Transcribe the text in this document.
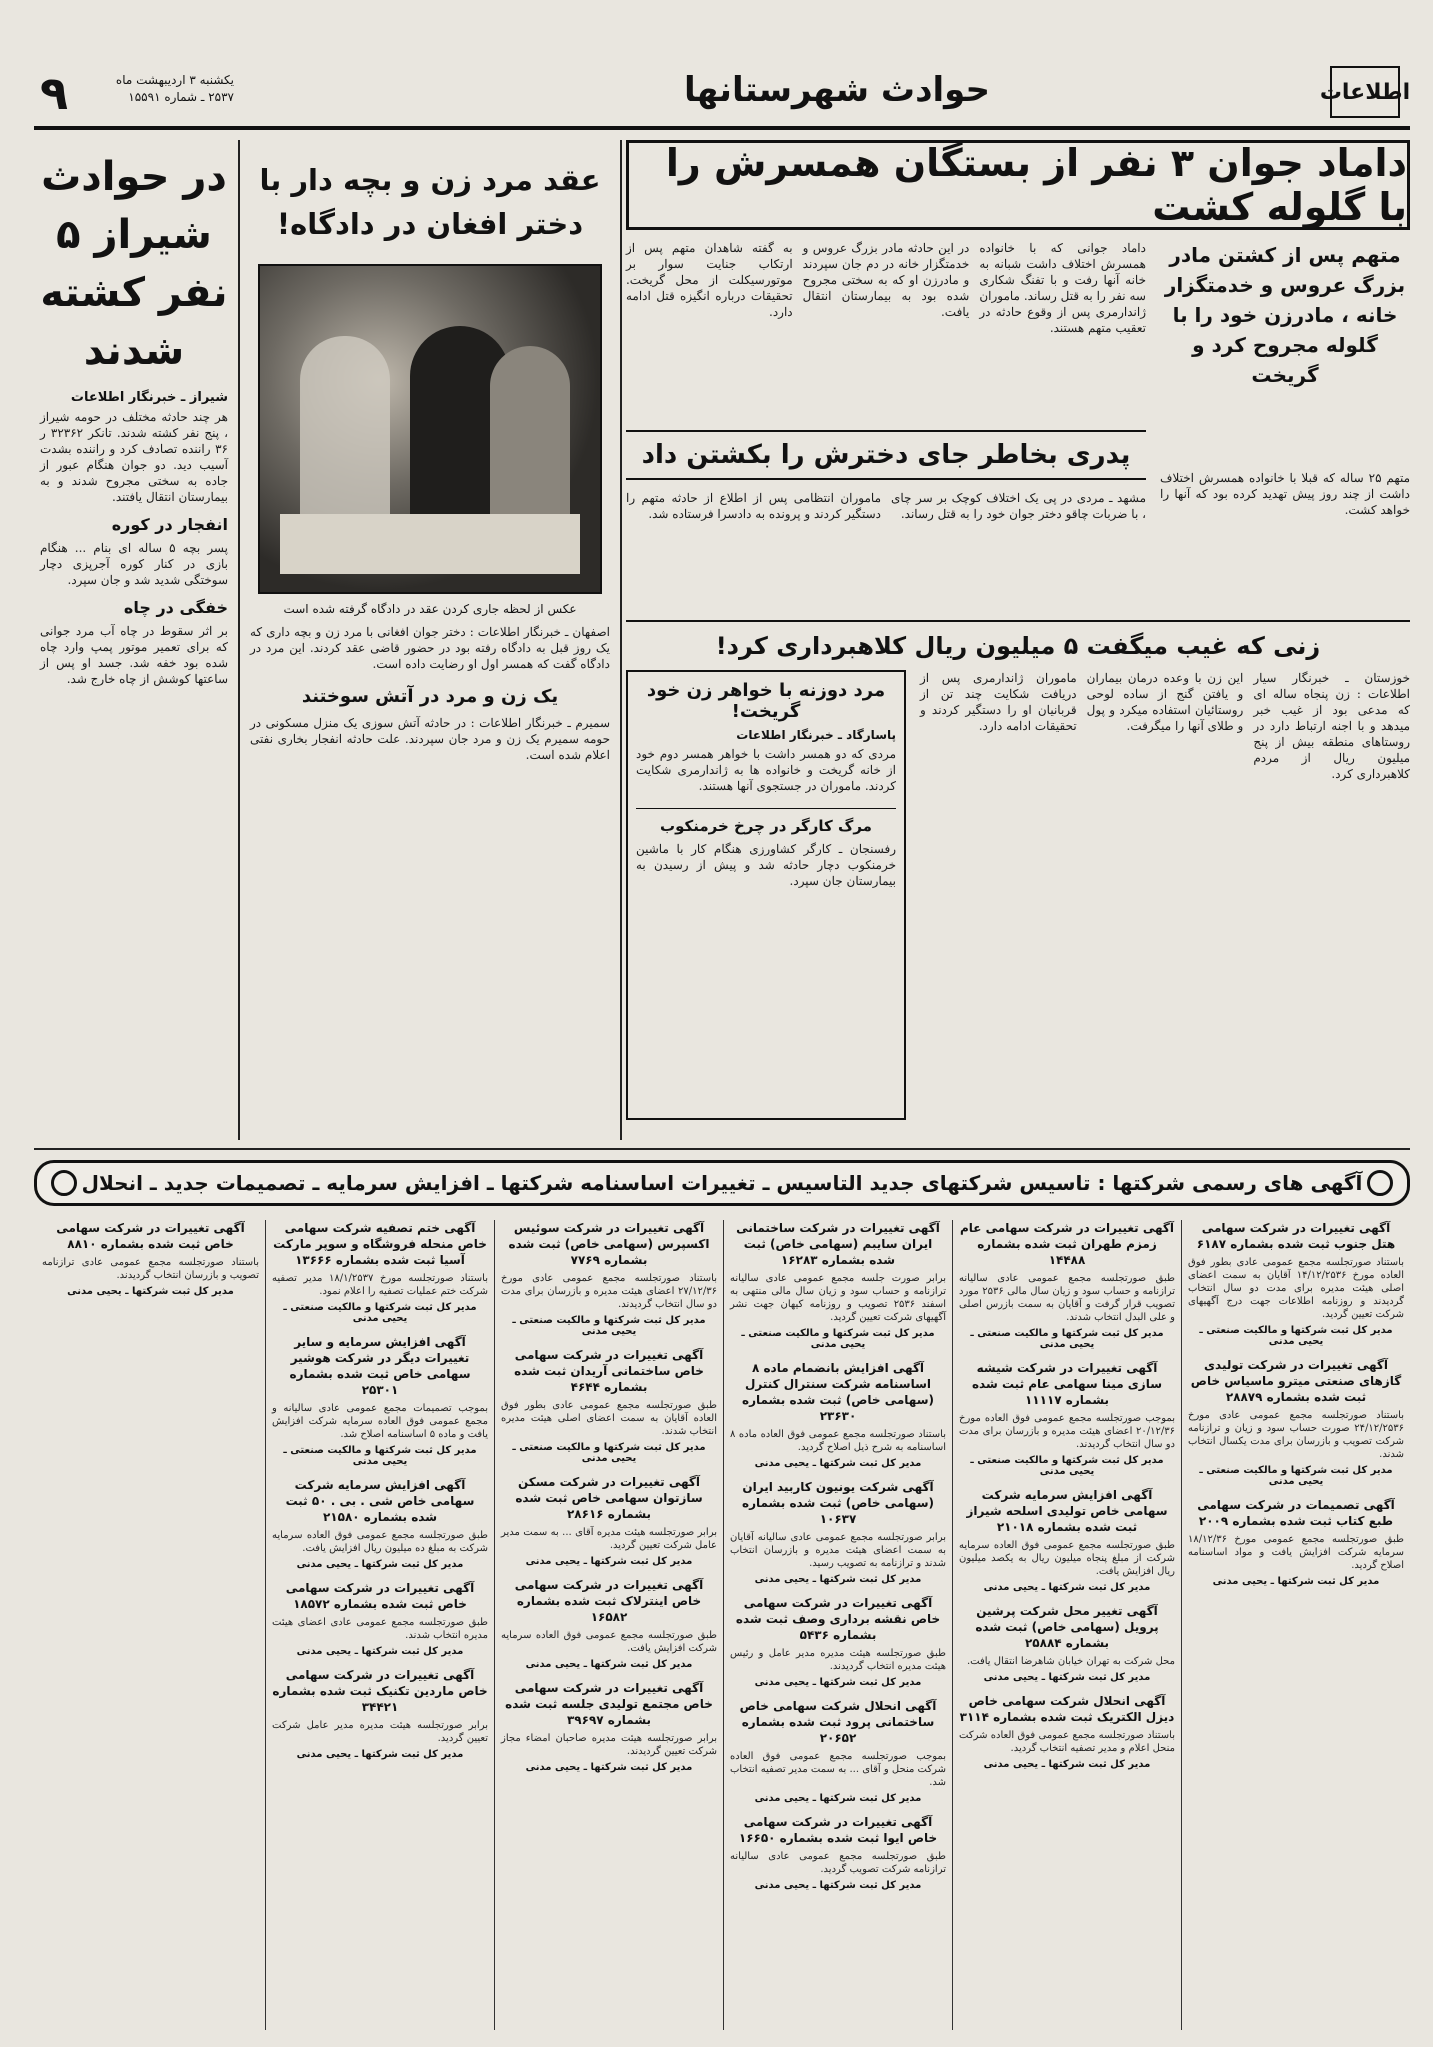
اطلاعات
حوادث شهرستانها
یکشنبه ۳ اردیبهشت ماه
۲۵۳۷ ـ شماره ۱۵۵۹۱
۹
در حوادث شیراز ۵ نفر کشته شدند
شیراز ـ خبرنگار اطلاعات
هر چند حادثه مختلف در حومه شیراز ، پنج نفر کشته شدند. تانکر ۳۲۳۶۲ ر ۳۶ راننده تصادف کرد و راننده بشدت آسیب دید. دو جوان هنگام عبور از جاده به سختی مجروح شدند و به بیمارستان انتقال یافتند.
انفجار در کوره
پسر بچه ۵ ساله ای بنام ... هنگام بازی در کنار کوره آجرپزی دچار سوختگی شدید شد و جان سپرد.
خفگی در چاه
بر اثر سقوط در چاه آب مرد جوانی که برای تعمیر موتور پمپ وارد چاه شده بود خفه شد. جسد او پس از ساعتها کوشش از چاه خارج شد.
عقد مرد زن و بچه دار با دختر افغان در دادگاه!
عکس از لحظه جاری کردن عقد در دادگاه گرفته شده است
اصفهان ـ خبرنگار اطلاعات : دختر جوان افغانی با مرد زن و بچه داری که یک روز قبل به دادگاه رفته بود در حضور قاضی عقد کردند. این مرد در دادگاه گفت که همسر اول او رضایت داده است.
یک زن و مرد در آتش سوختند
سمیرم ـ خبرنگار اطلاعات : در حادثه آتش سوزی یک منزل مسکونی در حومه سمیرم یک زن و مرد جان سپردند. علت حادثه انفجار بخاری نفتی اعلام شده است.
داماد جوان ۳ نفر از بستگان همسرش را با گلوله کشت
متهم پس از کشتن مادر بزرگ عروس و خدمتگزار خانه ، مادرزن خود را با گلوله مجروح کرد و گریخت
داماد جوانی که با خانواده همسرش اختلاف داشت شبانه به خانه آنها رفت و با تفنگ شکاری سه نفر را به قتل رساند. ماموران ژاندارمری پس از وقوع حادثه در تعقیب متهم هستند.
در این حادثه مادر بزرگ عروس و خدمتگزار خانه در دم جان سپردند و مادرزن او که به سختی مجروح شده بود به بیمارستان انتقال یافت.
به گفته شاهدان متهم پس از ارتکاب جنایت سوار بر موتورسیکلت از محل گریخت. تحقیقات درباره انگیزه قتل ادامه دارد.
پدری بخاطر جای دخترش را بکشتن داد
متهم ۲۵ ساله که قبلا با خانواده همسرش اختلاف داشت از چند روز پیش تهدید کرده بود که آنها را خواهد کشت.
مشهد ـ مردی در پی یک اختلاف کوچک بر سر چای ، با ضربات چاقو دختر جوان خود را به قتل رساند.
ماموران انتظامی پس از اطلاع از حادثه متهم را دستگیر کردند و پرونده به دادسرا فرستاده شد.
زنی که غیب میگفت ۵ میلیون ریال کلاهبرداری کرد!
خوزستان ـ خبرنگار سیار اطلاعات : زن پنجاه ساله ای که مدعی بود از غیب خبر میدهد و با اجنه ارتباط دارد در روستاهای منطقه بیش از پنج میلیون ریال از مردم کلاهبرداری کرد.
این زن با وعده درمان بیماران و یافتن گنج از ساده لوحی روستائیان استفاده میکرد و پول و طلای آنها را میگرفت.
ماموران ژاندارمری پس از دریافت شکایت چند تن از قربانیان او را دستگیر کردند و تحقیقات ادامه دارد.
مرد دوزنه با خواهر زن خود گریخت!
پاسارگاد ـ خبرنگار اطلاعات
مردی که دو همسر داشت با خواهر همسر دوم خود از خانه گریخت و خانواده ها به ژاندارمری شکایت کردند. ماموران در جستجوی آنها هستند.
مرگ کارگر در چرخ خرمنکوب
رفسنجان ـ کارگر کشاورزی هنگام کار با ماشین خرمنکوب دچار حادثه شد و پیش از رسیدن به بیمارستان جان سپرد.
آگهی های رسمی شرکتها : تاسیس شرکتهای جدید التاسیس ـ تغییرات اساسنامه شرکتها ـ افزایش سرمایه ـ تصمیمات جدید ـ انحلال
آگهی تغییرات در شرکت سهامی هتل جنوب ثبت شده بشماره ۶۱۸۷
باستناد صورتجلسه مجمع عمومی عادی بطور فوق العاده مورخ ۱۴/۱۲/۲۵۳۶ آقایان به سمت اعضای اصلی هیئت مدیره برای مدت دو سال انتخاب گردیدند و روزنامه اطلاعات جهت درج آگهیهای شرکت تعیین گردید.
مدیر کل ثبت شرکتها و مالکیت صنعتی ـ یحیی مدنی
آگهی تغییرات در شرکت تولیدی گازهای صنعتی میترو ماسیاس خاص ثبت شده بشماره ۲۸۸۷۹
باستناد صورتجلسه مجمع عمومی عادی مورخ ۲۴/۱۲/۲۵۳۶ صورت حساب سود و زیان و ترازنامه شرکت تصویب و بازرسان برای مدت یکسال انتخاب شدند.
مدیر کل ثبت شرکتها و مالکیت صنعتی ـ یحیی مدنی
آگهی تصمیمات در شرکت سهامی طبع کتاب ثبت شده بشماره ۲۰۰۹
طبق صورتجلسه مجمع عمومی مورخ ۱۸/۱۲/۳۶ سرمایه شرکت افزایش یافت و مواد اساسنامه اصلاح گردید.
مدیر کل ثبت شرکتها ـ یحیی مدنی
آگهی تغییرات در شرکت سهامی عام زمزم طهران ثبت شده بشماره ۱۴۴۸۸
طبق صورتجلسه مجمع عمومی عادی سالیانه ترازنامه و حساب سود و زیان سال مالی ۲۵۳۶ مورد تصویب قرار گرفت و آقایان به سمت بازرس اصلی و علی البدل انتخاب شدند.
مدیر کل ثبت شرکتها و مالکیت صنعتی ـ یحیی مدنی
آگهی تغییرات در شرکت شیشه سازی مینا سهامی عام ثبت شده بشماره ۱۱۱۱۷
بموجب صورتجلسه مجمع عمومی فوق العاده مورخ ۲۰/۱۲/۳۶ اعضای هیئت مدیره و بازرسان برای مدت دو سال انتخاب گردیدند.
مدیر کل ثبت شرکتها و مالکیت صنعتی ـ یحیی مدنی
آگهی افزایش سرمایه شرکت سهامی خاص تولیدی اسلحه شیراز ثبت شده بشماره ۲۱۰۱۸
طبق صورتجلسه مجمع عمومی فوق العاده سرمایه شرکت از مبلغ پنجاه میلیون ریال به یکصد میلیون ریال افزایش یافت.
مدیر کل ثبت شرکتها ـ یحیی مدنی
آگهی تغییر محل شرکت پرشین پرویل (سهامی خاص) ثبت شده بشماره ۲۵۸۸۴
محل شرکت به تهران خیابان شاهرضا انتقال یافت.
مدیر کل ثبت شرکتها ـ یحیی مدنی
آگهی انحلال شرکت سهامی خاص دیزل الکتریک ثبت شده بشماره ۳۱۱۴
باستناد صورتجلسه مجمع عمومی فوق العاده شرکت منحل اعلام و مدیر تصفیه انتخاب گردید.
مدیر کل ثبت شرکتها ـ یحیی مدنی
آگهی تغییرات در شرکت ساختمانی ایران سایبم (سهامی خاص) ثبت شده بشماره ۱۶۲۸۳
برابر صورت جلسه مجمع عمومی عادی سالیانه ترازنامه و حساب سود و زیان سال مالی منتهی به اسفند ۲۵۳۶ تصویب و روزنامه کیهان جهت نشر آگهیهای شرکت تعیین گردید.
مدیر کل ثبت شرکتها و مالکیت صنعتی ـ یحیی مدنی
آگهی افزایش بانضمام ماده ۸ اساسنامه شرکت سنترال کنترل (سهامی خاص) ثبت شده بشماره ۲۳۶۳۰
باستناد صورتجلسه مجمع عمومی فوق العاده ماده ۸ اساسنامه به شرح ذیل اصلاح گردید.
مدیر کل ثبت شرکتها ـ یحیی مدنی
آگهی شرکت یونیون کاربید ایران (سهامی خاص) ثبت شده بشماره ۱۰۶۳۷
برابر صورتجلسه مجمع عمومی عادی سالیانه آقایان به سمت اعضای هیئت مدیره و بازرسان انتخاب شدند و ترازنامه به تصویب رسید.
مدیر کل ثبت شرکتها ـ یحیی مدنی
آگهی تغییرات در شرکت سهامی خاص نقشه برداری وصف ثبت شده بشماره ۵۴۳۶
طبق صورتجلسه هیئت مدیره مدیر عامل و رئیس هیئت مدیره انتخاب گردیدند.
مدیر کل ثبت شرکتها ـ یحیی مدنی
آگهی انحلال شرکت سهامی خاص ساختمانی پرود ثبت شده بشماره ۲۰۶۵۲
بموجب صورتجلسه مجمع عمومی فوق العاده شرکت منحل و آقای ... به سمت مدیر تصفیه انتخاب شد.
مدیر کل ثبت شرکتها ـ یحیی مدنی
آگهی تغییرات در شرکت سهامی خاص ایوا ثبت شده بشماره ۱۶۶۵۰
طبق صورتجلسه مجمع عمومی عادی سالیانه ترازنامه شرکت تصویب گردید.
مدیر کل ثبت شرکتها ـ یحیی مدنی
آگهی تغییرات در شرکت سوئیس اکسپرس (سهامی خاص) ثبت شده بشماره ۷۷۶۹
باستناد صورتجلسه مجمع عمومی عادی مورخ ۲۷/۱۲/۳۶ اعضای هیئت مدیره و بازرسان برای مدت دو سال انتخاب گردیدند.
مدیر کل ثبت شرکتها و مالکیت صنعتی ـ یحیی مدنی
آگهی تغییرات در شرکت سهامی خاص ساختمانی آریدان ثبت شده بشماره ۴۶۴۴
طبق صورتجلسه مجمع عمومی عادی بطور فوق العاده آقایان به سمت اعضای اصلی هیئت مدیره انتخاب شدند.
مدیر کل ثبت شرکتها و مالکیت صنعتی ـ یحیی مدنی
آگهی تغییرات در شرکت مسکن سازتوان سهامی خاص ثبت شده بشماره ۲۸۶۱۶
برابر صورتجلسه هیئت مدیره آقای ... به سمت مدیر عامل شرکت تعیین گردید.
مدیر کل ثبت شرکتها ـ یحیی مدنی
آگهی تغییرات در شرکت سهامی خاص اینترلاک ثبت شده بشماره ۱۶۵۸۲
طبق صورتجلسه مجمع عمومی فوق العاده سرمایه شرکت افزایش یافت.
مدیر کل ثبت شرکتها ـ یحیی مدنی
آگهی تغییرات در شرکت سهامی خاص مجتمع تولیدی جلسه ثبت شده بشماره ۳۹۶۹۷
برابر صورتجلسه هیئت مدیره صاحبان امضاء مجاز شرکت تعیین گردیدند.
مدیر کل ثبت شرکتها ـ یحیی مدنی
آگهی ختم تصفیه شرکت سهامی خاص منحله فروشگاه و سوپر مارکت آسیا ثبت شده بشماره ۱۳۶۶۶
باستناد صورتجلسه مورخ ۱۸/۱/۲۵۳۷ مدیر تصفیه شرکت ختم عملیات تصفیه را اعلام نمود.
مدیر کل ثبت شرکتها و مالکیت صنعتی ـ یحیی مدنی
آگهی افزایش سرمایه و سایر تغییرات دیگر در شرکت هوشیر سهامی خاص ثبت شده بشماره ۲۵۳۰۱
بموجب تصمیمات مجمع عمومی عادی سالیانه و مجمع عمومی فوق العاده سرمایه شرکت افزایش یافت و ماده ۵ اساسنامه اصلاح شد.
مدیر کل ثبت شرکتها و مالکیت صنعتی ـ یحیی مدنی
آگهی افزایش سرمایه شرکت سهامی خاص شی . بی . ۵۰ ثبت شده بشماره ۲۱۵۸۰
طبق صورتجلسه مجمع عمومی فوق العاده سرمایه شرکت به مبلغ ده میلیون ریال افزایش یافت.
مدیر کل ثبت شرکتها ـ یحیی مدنی
آگهی تغییرات در شرکت سهامی خاص ثبت شده بشماره ۱۸۵۷۲
طبق صورتجلسه مجمع عمومی عادی اعضای هیئت مدیره انتخاب شدند.
مدیر کل ثبت شرکتها ـ یحیی مدنی
آگهی تغییرات در شرکت سهامی خاص ماردین تکنیک ثبت شده بشماره ۳۴۴۲۱
برابر صورتجلسه هیئت مدیره مدیر عامل شرکت تعیین گردید.
مدیر کل ثبت شرکتها ـ یحیی مدنی
آگهی تغییرات در شرکت سهامی خاص ثبت شده بشماره ۸۸۱۰
باستناد صورتجلسه مجمع عمومی عادی ترازنامه تصویب و بازرسان انتخاب گردیدند.
مدیر کل ثبت شرکتها ـ یحیی مدنی
